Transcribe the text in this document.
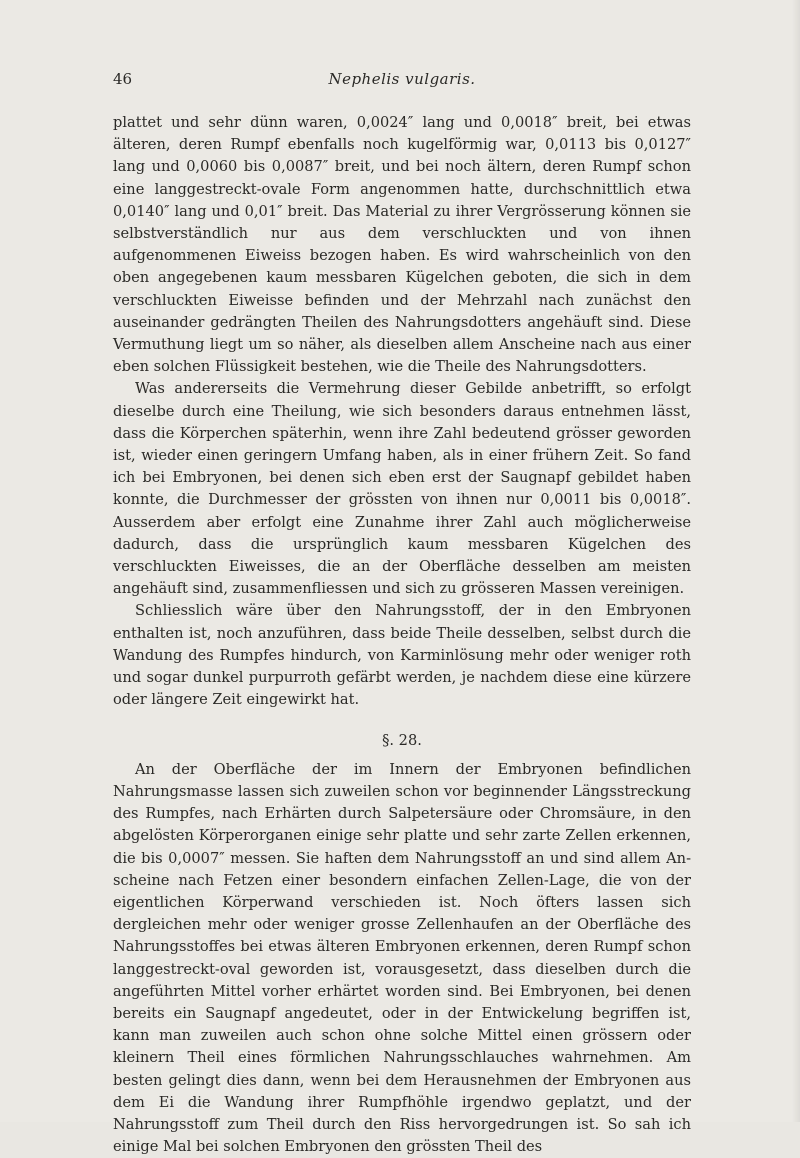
46	Nephelis vulgaris.

plattet und sehr dünn waren, 0,0024″ lang und 0,0018″ breit, bei etwas älteren, deren Rumpf ebenfalls noch kugelförmig war, 0,0113 bis 0,0127″ lang und 0,0060 bis 0,0087″ breit, und bei noch ältern, deren Rumpf schon eine langgestreckt-ovale Form angenommen hatte, durchschnittlich etwa 0,0140″ lang und 0,01″ breit. Das Material zu ihrer Vergrösserung können sie selbstverständlich nur aus dem verschluckten und von ihnen aufgenommenen Eiweiss bezogen haben. Es wird wahrscheinlich von den oben angegebenen kaum messbaren Kügelchen geboten, die sich in dem verschluckten Eiweisse befinden und der Mehrzahl nach zunächst den auseinander gedrängten Theilen des Nahrungsdotters angehäuft sind. Diese Vermuthung liegt um so näher, als dieselben allem Anscheine nach aus einer eben solchen Flüssigkeit bestehen, wie die Theile des Nahrungsdotters.

Was andererseits die Vermehrung dieser Gebilde anbetrifft, so erfolgt dieselbe durch eine Theilung, wie sich besonders daraus entnehmen lässt, dass die Körperchen späterhin, wenn ihre Zahl bedeutend grösser geworden ist, wieder einen geringern Umfang haben, als in einer frühern Zeit. So fand ich bei Embryonen, bei denen sich eben erst der Saugnapf gebildet haben konnte, die Durchmesser der grössten von ihnen nur 0,0011 bis 0,0018″. Ausserdem aber erfolgt eine Zunahme ihrer Zahl auch möglicherweise dadurch, dass die ursprünglich kaum messbaren Kügelchen des verschluckten Eiweisses, die an der Oberfläche desselben am meisten angehäuft sind, zusammenfliessen und sich zu grösseren Massen vereinigen.

Schliesslich wäre über den Nahrungsstoff, der in den Embryonen enthalten ist, noch anzuführen, dass beide Theile desselben, selbst durch die Wandung des Rumpfes hindurch, von Karminlösung mehr oder weniger roth und sogar dunkel purpurroth gefärbt werden, je nachdem diese eine kürzere oder längere Zeit eingewirkt hat.

§. 28.

An der Oberfläche der im Innern der Embryonen befindlichen Nahrungsmasse lassen sich zuweilen schon vor beginnender Längsstreckung des Rumpfes, nach Erhärten durch Salpetersäure oder Chromsäure, in den abgelösten Körperorganen einige sehr platte und sehr zarte Zellen erkennen, die bis 0,0007″ messen. Sie haften dem Nahrungsstoff an und sind allem Anscheine nach Fetzen einer besondern einfachen Zellen-Lage, die von der eigentlichen Körperwand verschieden ist. Noch öfters lassen sich dergleichen mehr oder weniger grosse Zellenhaufen an der Oberfläche des Nahrungsstoffes bei etwas älteren Embryonen erkennen, deren Rumpf schon langgestreckt-oval geworden ist, vorausgesetzt, dass dieselben durch die angeführten Mittel vorher erhärtet worden sind. Bei Embryonen, bei denen bereits ein Saugnapf angedeutet, oder in der Entwickelung begriffen ist, kann man zuweilen auch schon ohne solche Mittel einen grössern oder kleinern Theil eines förmlichen Nahrungsschlauches wahrnehmen. Am besten gelingt dies dann, wenn bei dem Herausnehmen der Embryonen aus dem Ei die Wandung ihrer Rumpfhöhle irgendwo geplatzt, und der Nahrungsstoff zum Theil durch den Riss hervorgedrungen ist. So sah ich einige Mal bei solchen Embryonen den grössten Theil des
